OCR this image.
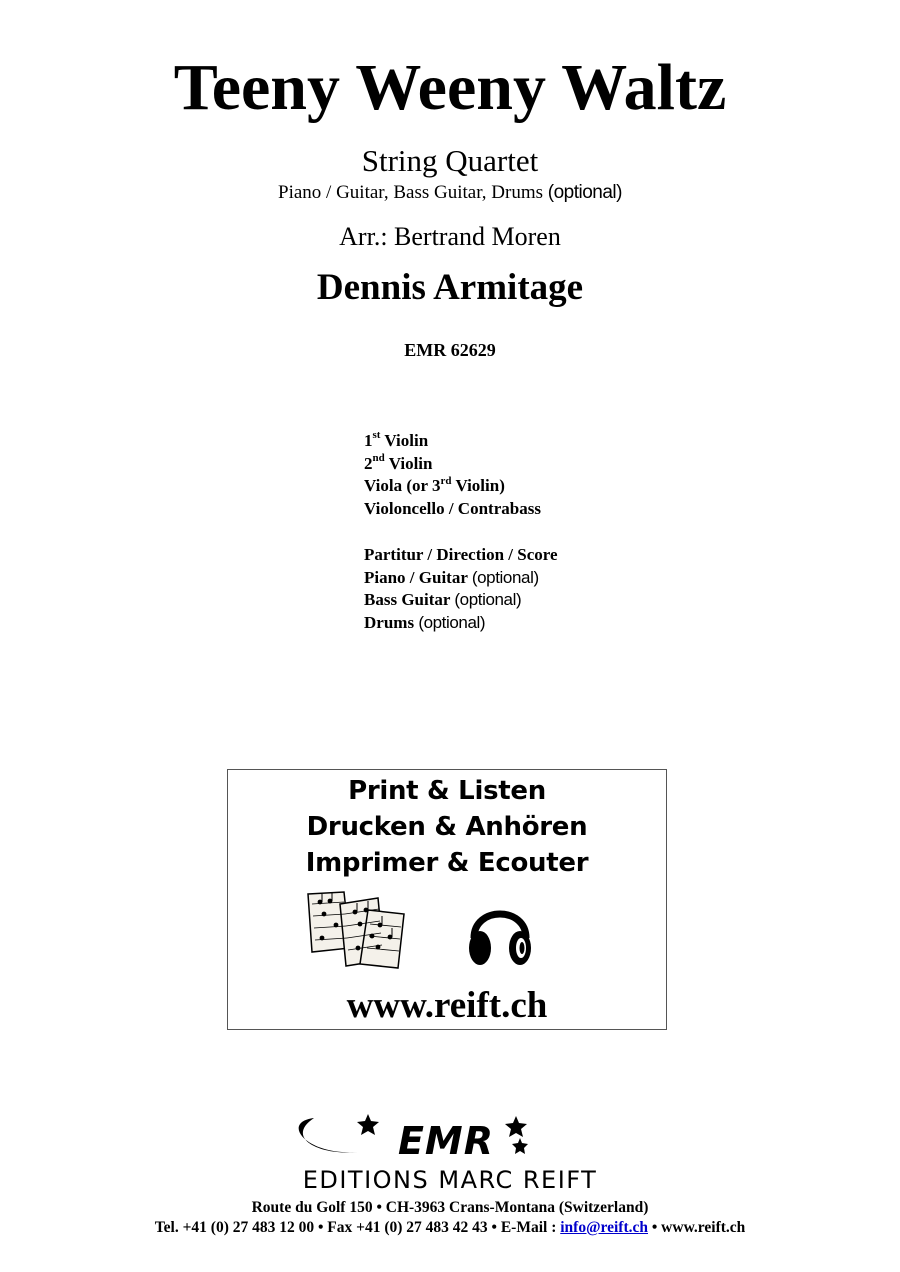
Teeny Weeny Waltz
String Quartet
Piano / Guitar, Bass Guitar, Drums (optional)
Arr.: Bertrand Moren
Dennis Armitage
EMR 62629
1st Violin
2nd Violin
Viola (or 3rd Violin)
Violoncello / Contrabass
Partitur / Direction / Score
Piano / Guitar (optional)
Bass Guitar (optional)
Drums (optional)
Print & Listen
Drucken & Anhören
Imprimer & Ecouter
www.reift.ch
EMR
EDITIONS MARC REIFT
Route du Golf 150 • CH-3963 Crans-Montana (Switzerland)
Tel. +41 (0) 27 483 12 00 • Fax +41 (0) 27 483 42 43 • E-Mail : info@reift.ch • www.reift.ch
